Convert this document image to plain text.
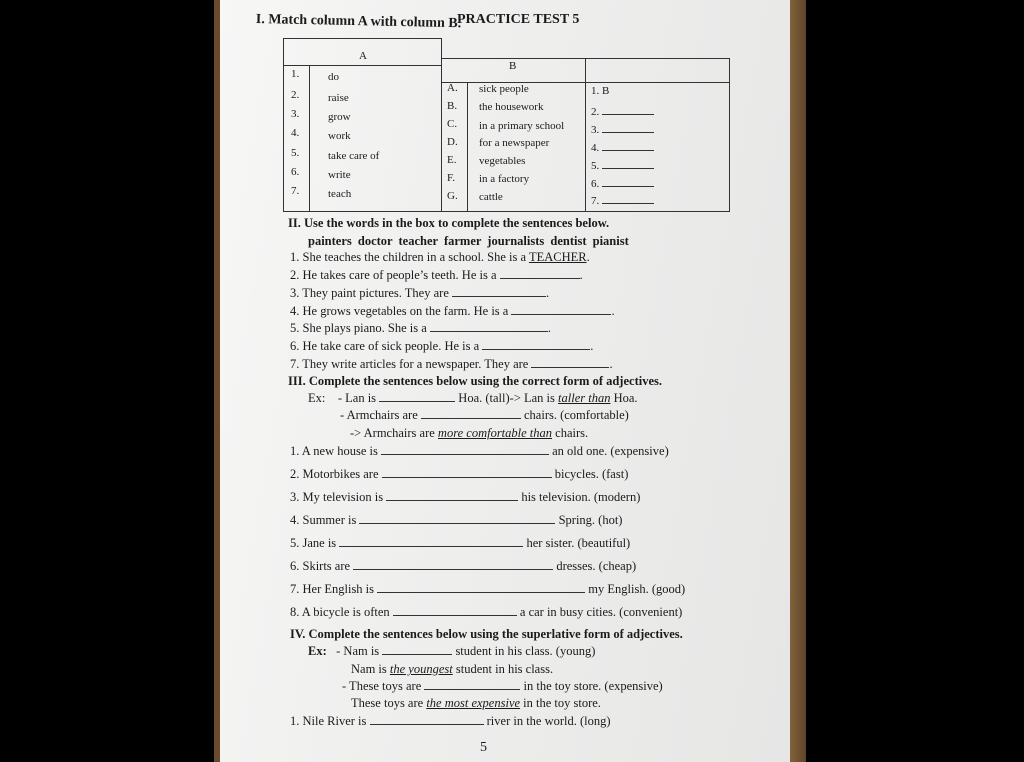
PRACTICE TEST 5
I. Match column A with column B.
A
B
1.	do
2.	raise
3.	grow
4.	work
5.	take care of
6.	write
7.	teach
A. sick people
B. the housework
C. in a primary school
D. for a newspaper
E. vegetables
F. in a factory
G. cattle
1. B
2.
3.
4.
5.
6.
7.
II. Use the words in the box to complete the sentences below.
painters doctor teacher farmer journalists dentist pianist
1. She teaches the children in a school. She is a TEACHER.
2. He takes care of people’s teeth. He is a	.
3. They paint pictures. They are	.
4. He grows vegetables on the farm. He is a	.
5. She plays piano. She is a	.
6. He take care of sick people. He is a	.
7. They write articles for a newspaper. They are	.
III. Complete the sentences below using the correct form of adjectives.
Ex: - Lan is	Hoa. (tall)-> Lan is taller than Hoa.
- Armchairs are	chairs. (comfortable)
-> Armchairs are more comfortable than chairs.
1. A new house is	an old one. (expensive)
2. Motorbikes are	bicycles. (fast)
3. My television is	his television. (modern)
4. Summer is	Spring. (hot)
5. Jane is	her sister. (beautiful)
6. Skirts are	dresses. (cheap)
7. Her English is	my English. (good)
8. A bicycle is often	a car in busy cities. (convenient)
IV. Complete the sentences below using the superlative form of adjectives.
Ex: - Nam is	student in his class. (young)
Nam is the youngest student in his class.
- These toys are	in the toy store. (expensive)
These toys are the most expensive in the toy store.
1. Nile River is	river in the world. (long)
5
